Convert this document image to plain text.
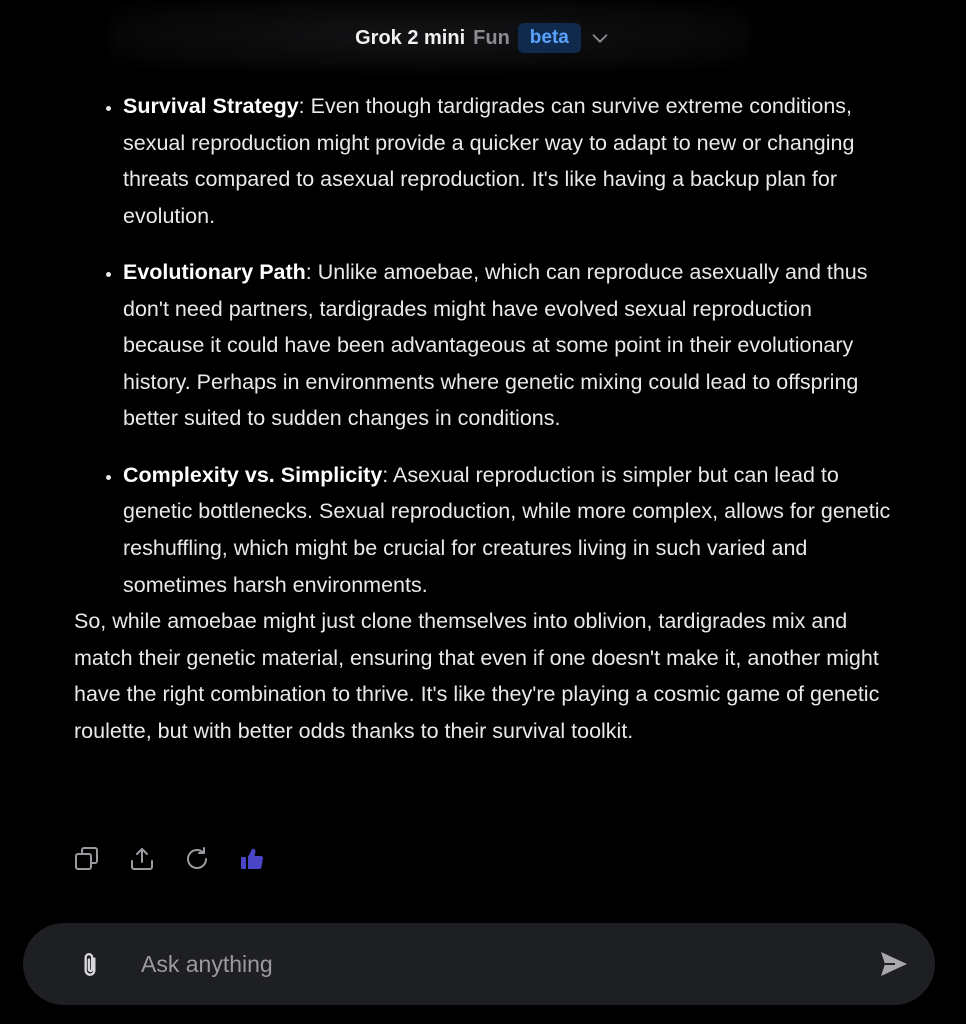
Grok 2 mini Fun	beta
• Survival Strategy: Even though tardigrades can survive extreme conditions, sexual reproduction might provide a quicker way to adapt to new or changing threats compared to asexual reproduction. It's like having a backup plan for evolution.
• Evolutionary Path: Unlike amoebae, which can reproduce asexually and thus don't need partners, tardigrades might have evolved sexual reproduction because it could have been advantageous at some point in their evolutionary history. Perhaps in environments where genetic mixing could lead to offspring better suited to sudden changes in conditions.
• Complexity vs. Simplicity: Asexual reproduction is simpler but can lead to genetic bottlenecks. Sexual reproduction, while more complex, allows for genetic reshuffling, which might be crucial for creatures living in such varied and sometimes harsh environments.

So, while amoebae might just clone themselves into oblivion, tardigrades mix and match their genetic material, ensuring that even if one doesn't make it, another might have the right combination to thrive. It's like they're playing a cosmic game of genetic roulette, but with better odds thanks to their survival toolkit.

Ask anything
